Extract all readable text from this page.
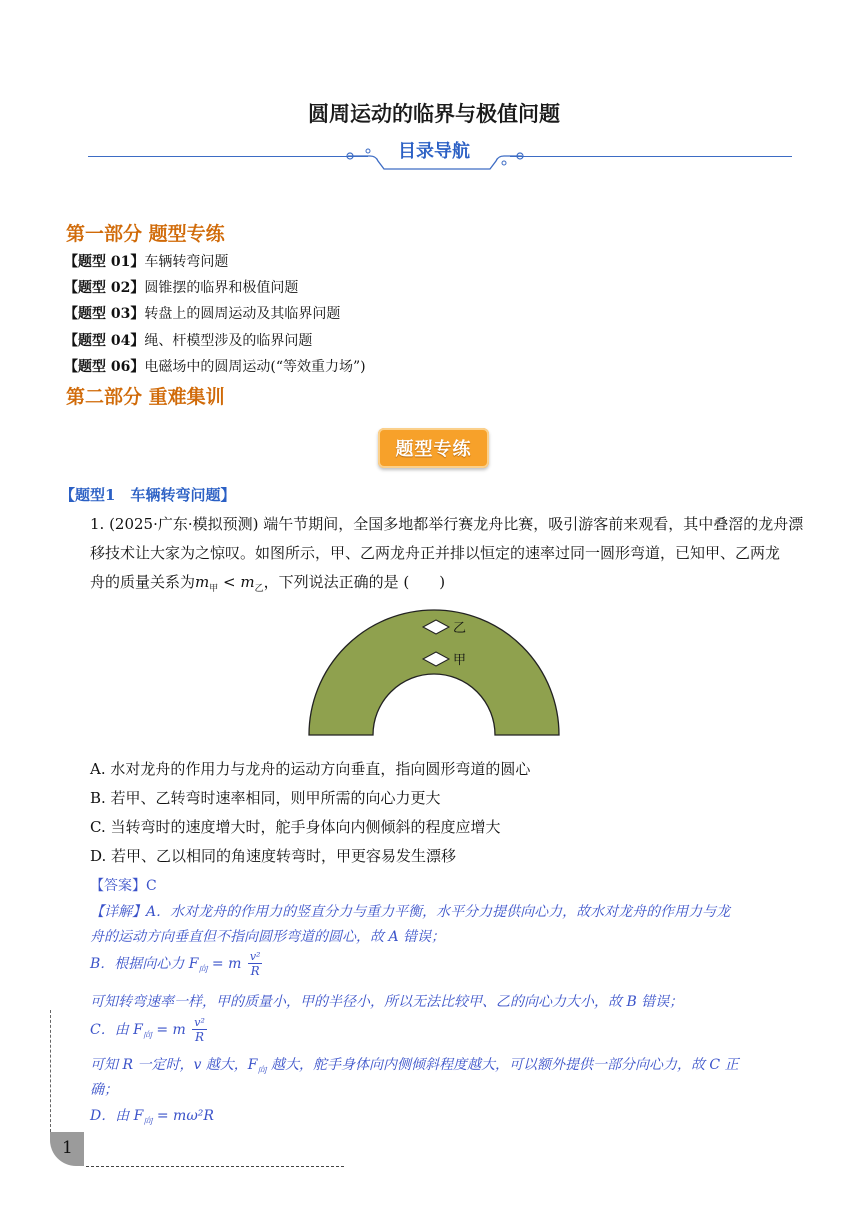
圆周运动的临界与极值问题
目录导航
第一部分 题型专练
【题型 01】车辆转弯问题
【题型 02】圆锥摆的临界和极值问题
【题型 03】转盘上的圆周运动及其临界问题
【题型 04】绳、杆模型涉及的临界问题
【题型 06】电磁场中的圆周运动(“等效重力场”)
第二部分 重难集训
题型专练
【题型1　车辆转弯问题】
1. (2025·广东·模拟预测) 端午节期间，全国多地都举行赛龙舟比赛，吸引游客前来观看，其中叠滘的龙舟漂
移技术让大家为之惊叹。如图所示，甲、乙两龙舟正并排以恒定的速率过同一圆形弯道，已知甲、乙两龙
舟的质量关系为$m_甲 < m_乙$，下列说法正确的是 (　　)
乙
甲
A. 水对龙舟的作用力与龙舟的运动方向垂直，指向圆形弯道的圆心
B. 若甲、乙转弯时速率相同，则甲所需的向心力更大
C. 当转弯时的速度增大时，舵手身体向内侧倾斜的程度应增大
D. 若甲、乙以相同的角速度转弯时，甲更容易发生漂移
【答案】C
【详解】A．水对龙舟的作用力的竖直分力与重力平衡，水平分力提供向心力，故水对龙舟的作用力与龙
舟的运动方向垂直但不指向圆形弯道的圆心，故 A 错误；
B．根据向心力 $F_向 = m \frac{\text{v²}}{R}$
可知转弯速率一样，甲的质量小，甲的半径小，所以无法比较甲、乙的向心力大小，故 B 错误；
C．由 $F_向 = m \frac{\text{v²}}{R}$
可知 R 一定时，v 越大，$F_向$ 越大，舵手身体向内侧倾斜程度越大，可以额外提供一部分向心力，故 C 正
确；
D．由 $F_向 = m\omega^2R$
1
